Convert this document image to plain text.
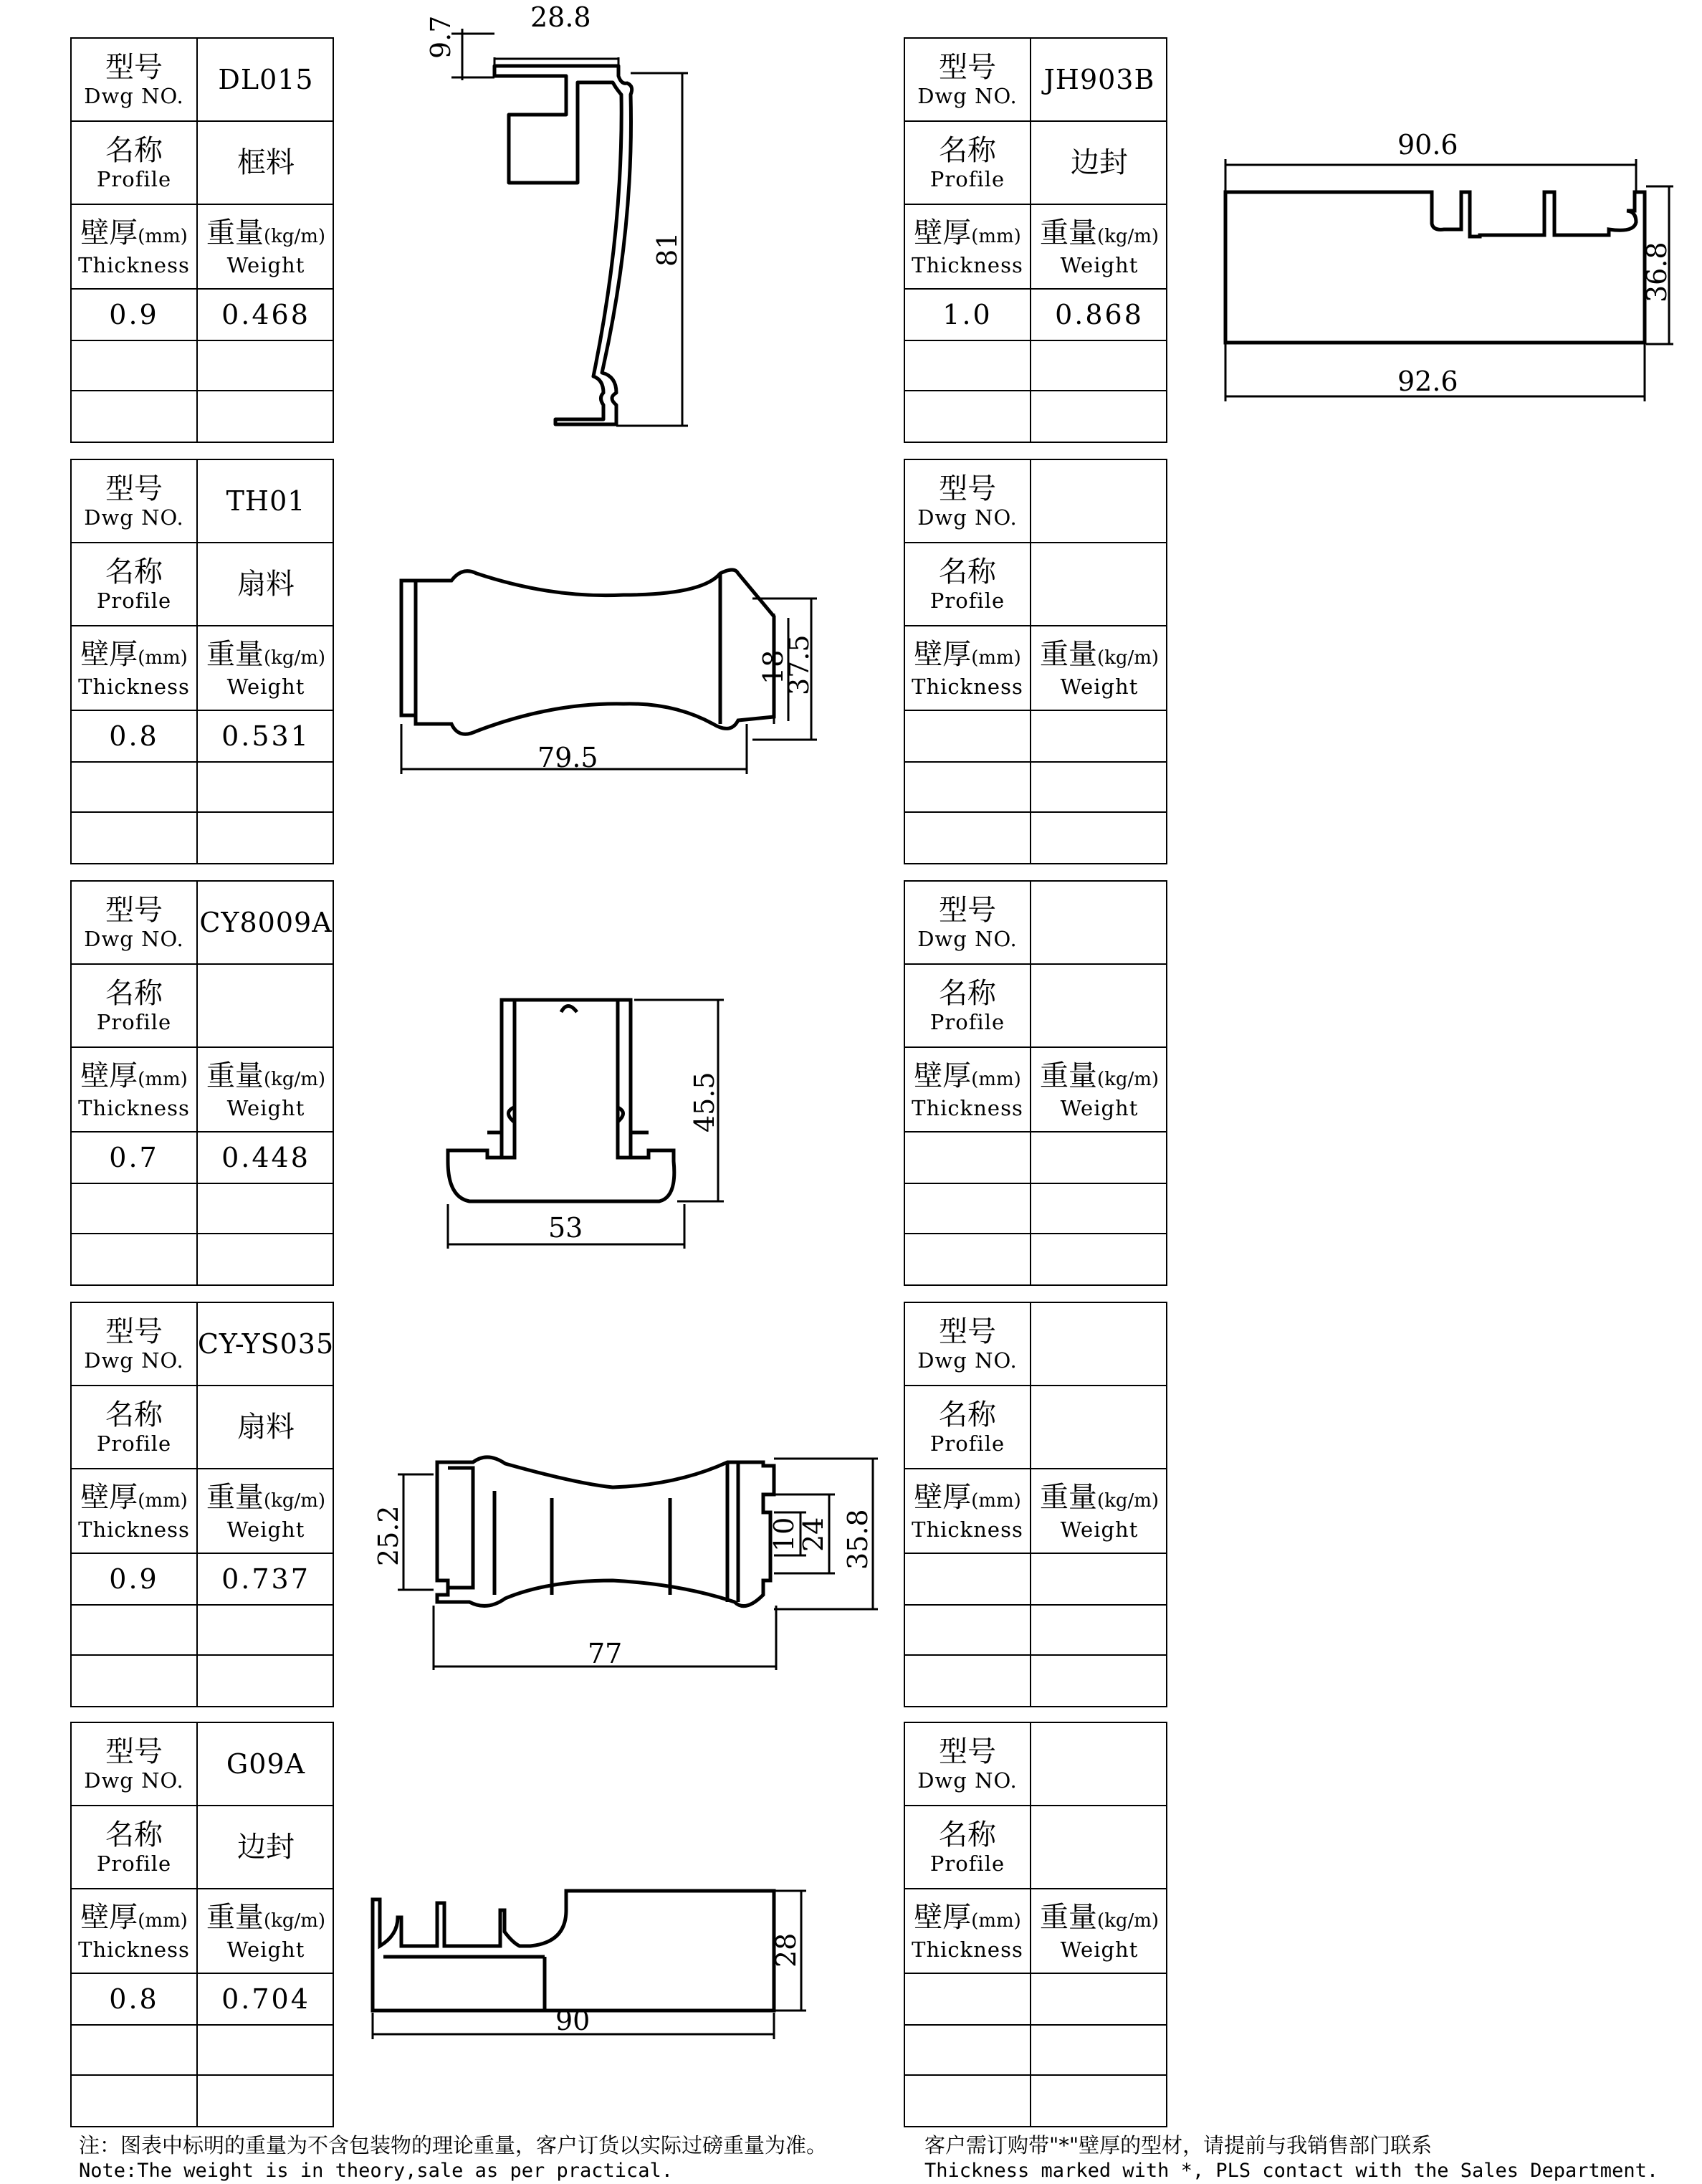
型号
Dwg NO.
DL015
名称
Profile 框料
壁厚(mm)
Thickness
重量(kg/m)
Weight
0.9 0.468
型号
Dwg NO.
TH01
名称
Profile 扇料
壁厚(mm)
Thickness
重量(kg/m)
Weight
0.8 0.531
型号
Dwg NO.
CY8009A
名称
Profile
壁厚(mm)
Thickness
重量(kg/m)
Weight
0.7 0.448
型号
Dwg NO.
CY-YS035
名称
Profile 扇料
壁厚(mm)
Thickness
重量(kg/m)
Weight
0.9 0.737
型号
Dwg NO.
G09A
名称
Profile 边封
壁厚(mm)
Thickness
重量(kg/m)
Weight
0.8 0.704
型号
Dwg NO.
JH903B
名称
Profile 边封
壁厚(mm)
Thickness
重量(kg/m)
Weight
1.0 0.868
型号
Dwg NO.
名称
Profile
壁厚(mm)
Thickness
重量(kg/m)
Weight
型号
Dwg NO.
名称
Profile
壁厚(mm)
Thickness
重量(kg/m)
Weight
型号
Dwg NO.
名称
Profile
壁厚(mm)
Thickness
重量(kg/m)
Weight
型号
Dwg NO.
名称
Profile
壁厚(mm)
Thickness
重量(kg/m)
Weight
28.8
9.7
81
90.6
92.6
36.8
79.5
18
37.5
53
45.5
77
25.2	10
24 35.8
90
28
注：图表中标明的重量为不含包装物的理论重量，客户订货以实际过磅重量为准。
Note:The weight is in theory,sale as per practical.
客户需订购带"*"壁厚的型材，请提前与我销售部门联系
Thickness marked with *, PLS contact with the Sales Department.
